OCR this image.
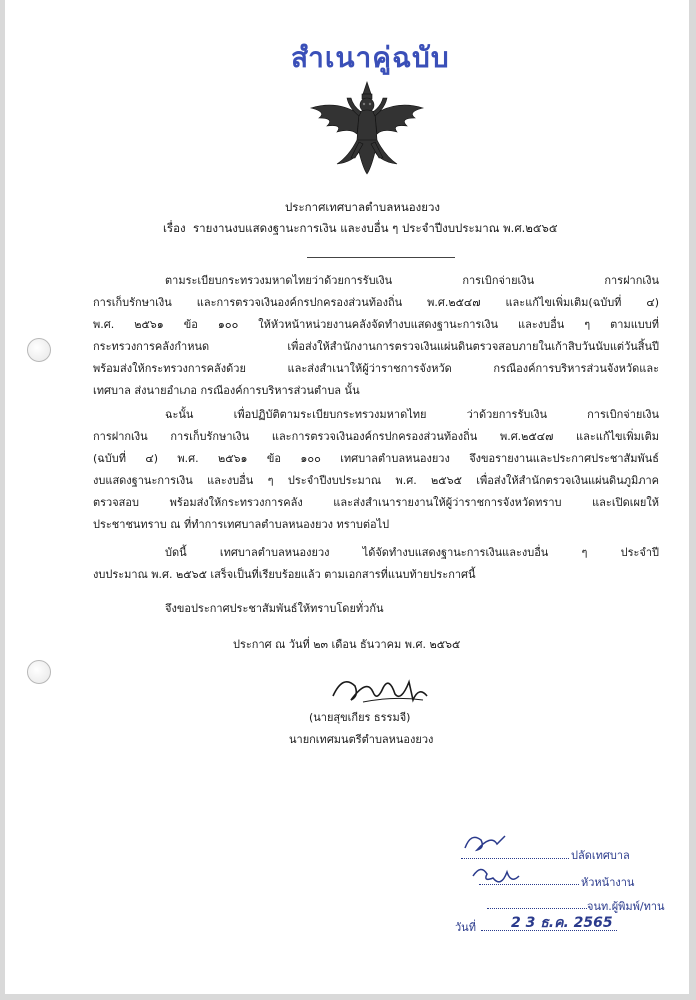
สำเนาคู่ฉบับ
ประกาศเทศบาลตำบลหนองยวง
เรื่อง รายงานงบแสดงฐานะการเงิน และงบอื่น ๆ ประจำปีงบประมาณ พ.ศ.๒๕๖๕
ตามระเบียบกระทรวงมหาดไทยว่าด้วยการรับเงิน การเบิกจ่ายเงิน การฝากเงิน
การเก็บรักษาเงิน และการตรวจเงินองค์กรปกครองส่วนท้องถิ่น พ.ศ.๒๕๔๗ และแก้ไขเพิ่มเติม(ฉบับที่ ๔)
พ.ศ. ๒๕๖๑ ข้อ ๑๐๐ ให้หัวหน้าหน่วยงานคลังจัดทำงบแสดงฐานะการเงิน และงบอื่น ๆ ตามแบบที่
กระทรวงการคลังกำหนด เพื่อส่งให้สำนักงานการตรวจเงินแผ่นดินตรวจสอบภายในเก้าสิบวันนับแต่วันสิ้นปี
พร้อมส่งให้กระทรวงการคลังด้วย และส่งสำเนาให้ผู้ว่าราชการจังหวัด กรณีองค์การบริหารส่วนจังหวัดและ
เทศบาล ส่งนายอำเภอ กรณีองค์การบริหารส่วนตำบล นั้น
ฉะนั้น เพื่อปฏิบัติตามระเบียบกระทรวงมหาดไทย ว่าด้วยการรับเงิน การเบิกจ่ายเงิน
การฝากเงิน การเก็บรักษาเงิน และการตรวจเงินองค์กรปกครองส่วนท้องถิ่น พ.ศ.๒๕๔๗ และแก้ไขเพิ่มเติม
(ฉบับที่ ๔) พ.ศ. ๒๕๖๑ ข้อ ๑๐๐ เทศบาลตำบลหนองยวง จึงขอรายงานและประกาศประชาสัมพันธ์
งบแสดงฐานะการเงิน และงบอื่น ๆ ประจำปีงบประมาณ พ.ศ. ๒๕๖๕ เพื่อส่งให้สำนักตรวจเงินแผ่นดินภูมิภาค
ตรวจสอบ พร้อมส่งให้กระทรวงการคลัง และส่งสำเนารายงานให้ผู้ว่าราชการจังหวัดทราบ และเปิดเผยให้
ประชาชนทราบ ณ ที่ทำการเทศบาลตำบลหนองยวง ทราบต่อไป
บัดนี้ เทศบาลตำบลหนองยวง ได้จัดทำงบแสดงฐานะการเงินและงบอื่น ๆ ประจำปี
งบประมาณ พ.ศ. ๒๕๖๕ เสร็จเป็นที่เรียบร้อยแล้ว ตามเอกสารที่แนบท้ายประกาศนี้
จึงขอประกาศประชาสัมพันธ์ให้ทราบโดยทั่วกัน
ประกาศ ณ วันที่ ๒๓ เดือน ธันวาคม พ.ศ. ๒๕๖๕
(นายสุขเกียร ธรรมจี)
นายกเทศมนตรีตำบลหนองยวง
ปลัดเทศบาล
หัวหน้างาน
จนท.ผู้พิมพ์/ทาน
วันที่	2 3 ธ.ค. 2565
